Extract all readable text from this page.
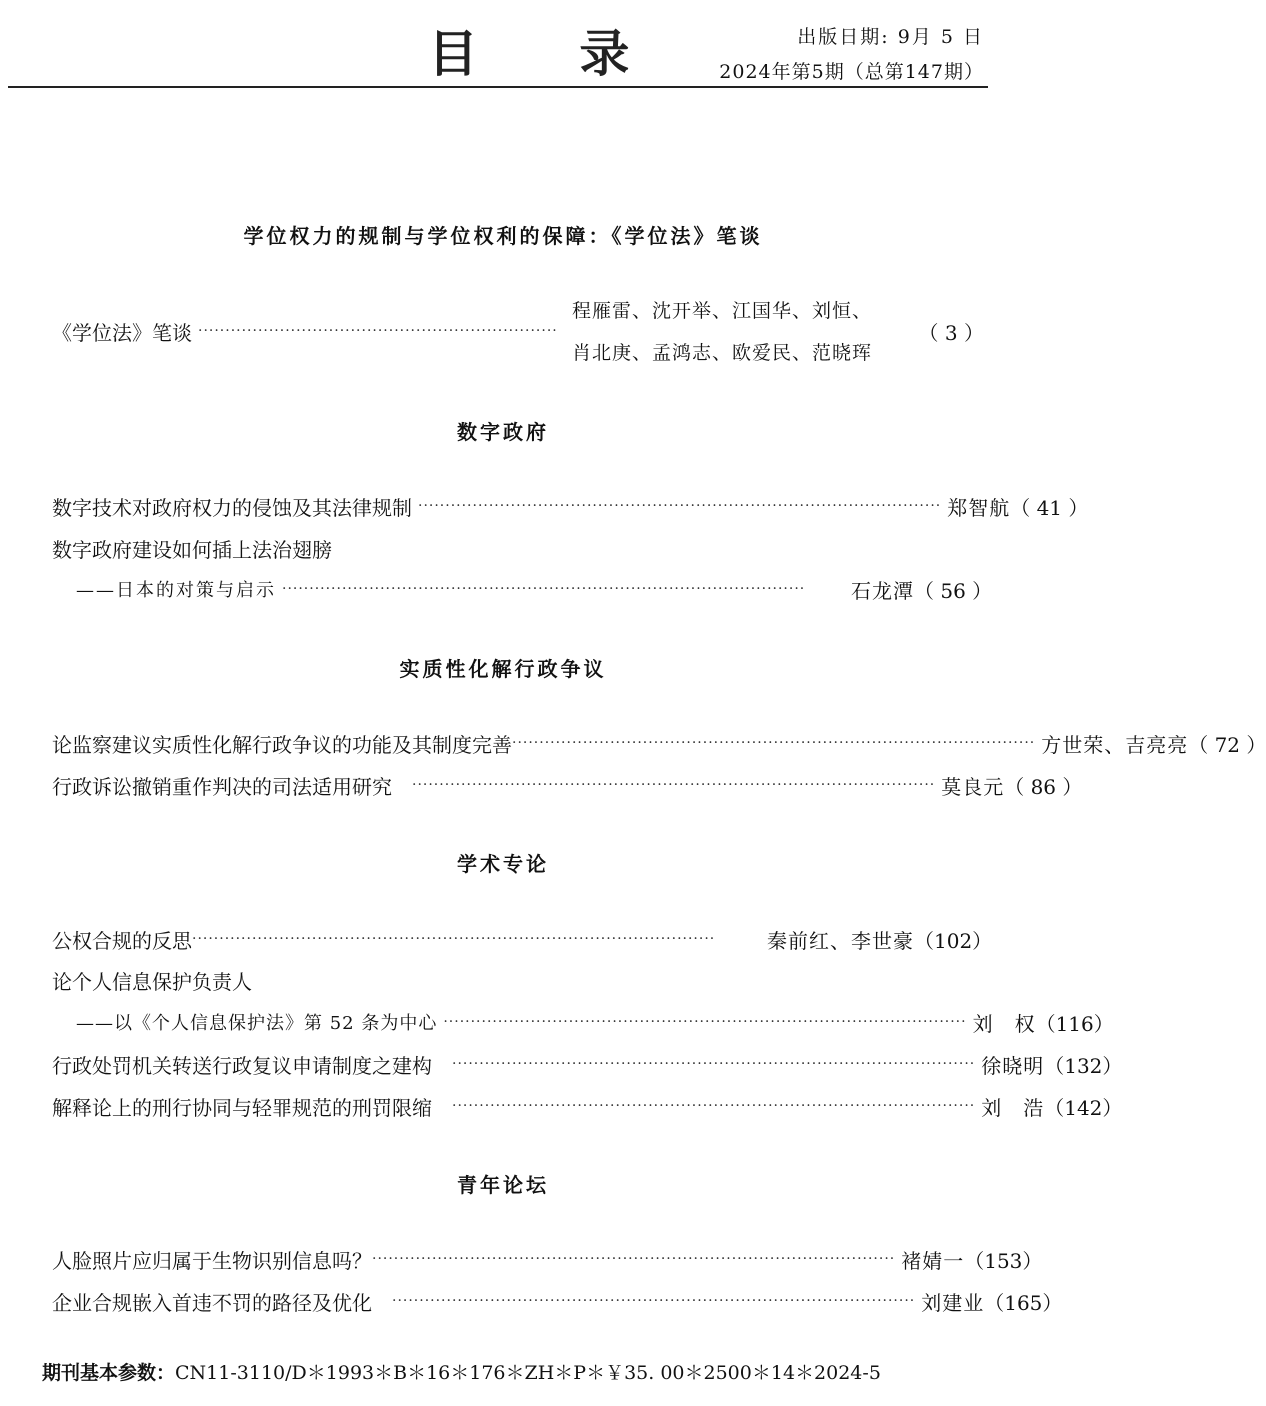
目 录	出版日期: 9月 5 日
2024年第5期（总第147期）
学位权力的规制与学位权利的保障：《学位法》笔谈
《学位法》笔谈 ··································································	（ 3 ）
程雁雷、沈开举、江国华、刘恒、
肖北庚、孟鸿志、欧爱民、范晓珲
数字政府
数字技术对政府权力的侵蚀及其法律规制 ································································································ 郑智航 （ 41 ）
数字政府建设如何插上法治翅膀
——日本的对策与启示 ································································································	石龙潭 （ 56 ）
实质性化解行政争议
论监察建议实质性化解行政争议的功能及其制度完善 ································································································ 方世荣、吉亮亮 （ 72 ）
行政诉讼撤销重作判决的司法适用研究 ································································································ 莫良元 （ 86 ）
学术专论
公权合规的反思 ································································································	秦前红、李世豪 （102）
论个人信息保护负责人
——以《个人信息保护法》第 52 条为中心 ································································································ 刘　权 （116）
行政处罚机关转送行政复议申请制度之建构 ································································································ 徐晓明 （132）
解释论上的刑行协同与轻罪规范的刑罚限缩 ································································································ 刘　浩 （142）
青年论坛
人脸照片应归属于生物识别信息吗？ ································································································ 褚婧一 （153）
企业合规嵌入首违不罚的路径及优化 ································································································ 刘建业 （165）
期刊基本参数：CN11-3110/D＊1993＊B＊16＊176＊ZH＊P＊￥35. 00＊2500＊14＊2024-5
